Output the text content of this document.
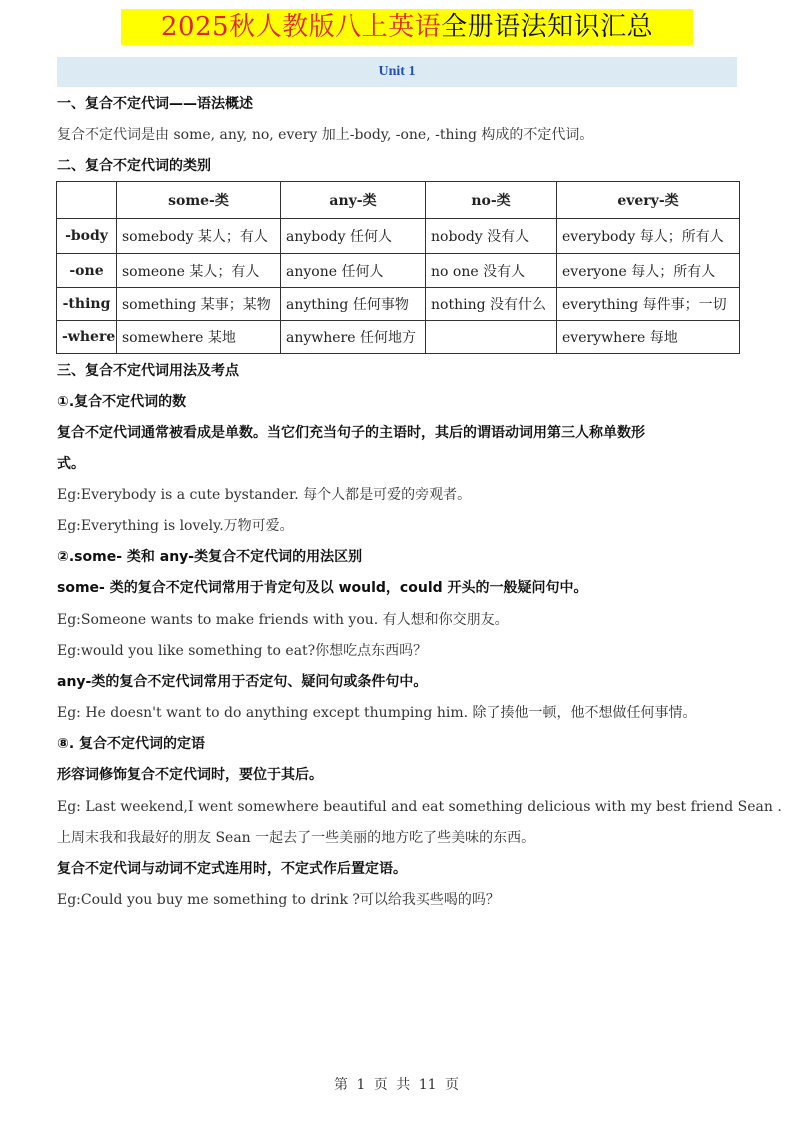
2025秋人教版八上英语全册语法知识汇总
Unit 1
一、复合不定代词——语法概述
复合不定代词是由 some, any, no, every 加上-body, -one, -thing 构成的不定代词。
二、复合不定代词的类别
	some-类	any-类	no-类	every-类
-body	somebody 某人；有人	anybody 任何人	nobody 没有人	everybody 每人；所有人
-one	someone 某人；有人	anyone 任何人	no one 没有人	everyone 每人；所有人
-thing	something 某事；某物	anything 任何事物	nothing 没有什么	everything 每件事；一切
-where	somewhere 某地	anywhere 任何地方		everywhere 每地
三、复合不定代词用法及考点
①.复合不定代词的数
复合不定代词通常被看成是单数。当它们充当句子的主语时，其后的谓语动词用第三人称单数形
式。
Eg:Everybody is a cute bystander. 每个人都是可爱的旁观者。
Eg:Everything is lovely.万物可爱。
②.some- 类和 any-类复合不定代词的用法区别
some- 类的复合不定代词常用于肯定句及以 would，could 开头的一般疑问句中。
Eg:Someone wants to make friends with you. 有人想和你交朋友。
Eg:would you like something to eat?你想吃点东西吗？
any-类的复合不定代词常用于否定句、疑问句或条件句中。
Eg: He doesn't want to do anything except thumping him. 除了揍他一顿，他不想做任何事情。
⑧. 复合不定代词的定语
形容词修饰复合不定代词时，要位于其后。
Eg: Last weekend,I went somewhere beautiful and eat something delicious with my best friend Sean .
上周末我和我最好的朋友 Sean 一起去了一些美丽的地方吃了些美味的东西。
复合不定代词与动词不定式连用时，不定式作后置定语。
Eg:Could you buy me something to drink ?可以给我买些喝的吗？
第 1 页 共 11 页
